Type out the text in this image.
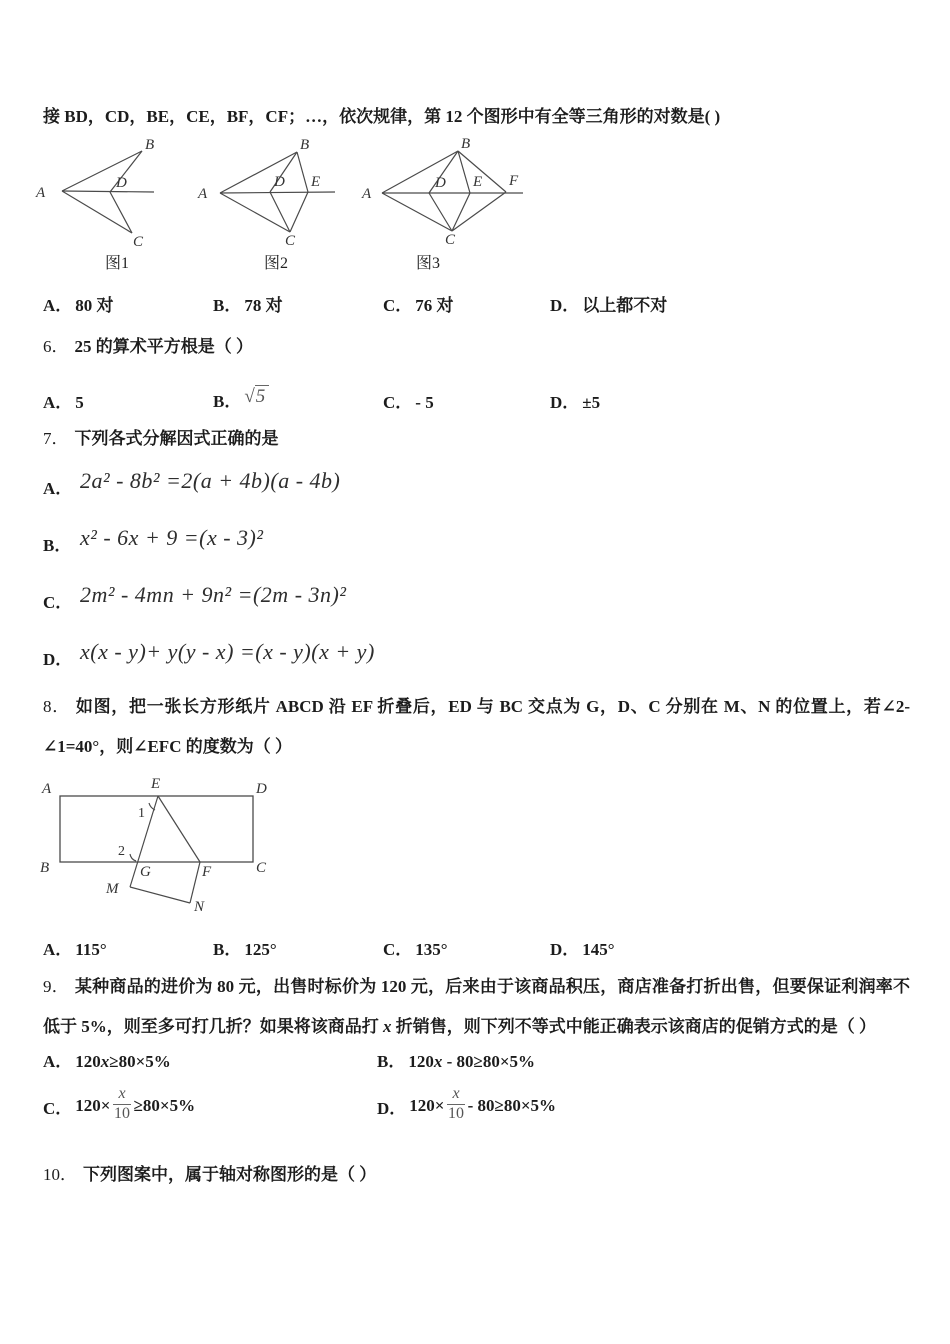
接 BD，CD，BE，CE，BF，CF；…，依次规律，第 12 个图形中有全等三角形的对数是( )

A
B
C
D
图1
A
B
C
D E
图2
A
B
C
D E F
图3
A． 80 对	B． 78 对	C． 76 对	D． 以上都不对

6． 25 的算术平方根是（ ）

A． 5	B． √5	C． - 5	D． ±5

7． 下列各式分解因式正确的是

A． 2a² - 8b² =2(a + 4b)(a - 4b)
B． x² - 6x + 9 =(x - 3)²
C． 2m² - 4mn + 9n² =(2m - 3n)²
D． x(x - y)+ y(y - x) =(x - y)(x + y)

8． 如图，把一张长方形纸片 ABCD 沿 EF 折叠后，ED 与 BC 交点为 G，D、C 分别在 M、N 的位置上，若∠2-∠1=40°，则∠EFC 的度数为（ ）

A	D
B	C
E
G	F
M
N
1
2
A． 115°	B． 125°	C． 135°	D． 145°

9． 某种商品的进价为 80 元，出售时标价为 120 元，后来由于该商品积压，商店准备打折出售，但要保证利润率不低于 5%，则至多可打几折？如果将该商品打 x 折销售，则下列不等式中能正确表示该商店的促销方式的是（ ）

A． 120x≥80×5%	B． 120x - 80≥80×5%
C． $120\times \frac{x}{10} \ge 80\times 5\%$	D． $120\times \frac{x}{10} - 80\ge 80\times 5\%$

10． 下列图案中，属于轴对称图形的是（ ）
